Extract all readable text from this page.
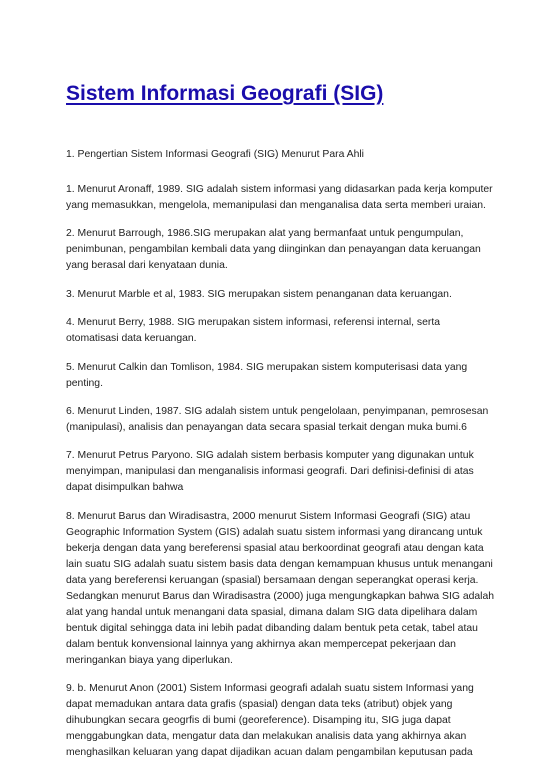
Sistem Informasi Geografi (SIG)

1. Pengertian Sistem Informasi Geografi (SIG) Menurut Para Ahli

1. Menurut Aronaff, 1989. SIG adalah sistem informasi yang didasarkan pada kerja komputer
yang memasukkan, mengelola, memanipulasi dan menganalisa data serta memberi uraian.
2. Menurut Barrough, 1986.SIG merupakan alat yang bermanfaat untuk pengumpulan,
penimbunan, pengambilan kembali data yang diinginkan dan penayangan data keruangan
yang berasal dari kenyataan dunia.
3. Menurut Marble et al, 1983. SIG merupakan sistem penanganan data keruangan.
4. Menurut Berry, 1988. SIG merupakan sistem informasi, referensi internal, serta
otomatisasi data keruangan.
5. Menurut Calkin dan Tomlison, 1984. SIG merupakan sistem komputerisasi data yang
penting.
6. Menurut Linden, 1987. SIG adalah sistem untuk pengelolaan, penyimpanan, pemrosesan
(manipulasi), analisis dan penayangan data secara spasial terkait dengan muka bumi.6
7. Menurut Petrus Paryono. SIG adalah sistem berbasis komputer yang digunakan untuk
menyimpan, manipulasi dan menganalisis informasi geografi. Dari definisi-definisi di atas
dapat disimpulkan bahwa
8. Menurut Barus dan Wiradisastra, 2000 menurut Sistem Informasi Geografi (SIG) atau
Geographic Information System (GIS) adalah suatu sistem informasi yang dirancang untuk
bekerja dengan data yang bereferensi spasial atau berkoordinat geografi atau dengan kata
lain suatu SIG adalah suatu sistem basis data dengan kemampuan khusus untuk menangani
data yang bereferensi keruangan (spasial) bersamaan dengan seperangkat operasi kerja.
Sedangkan menurut Barus dan Wiradisastra (2000) juga mengungkapkan bahwa SIG adalah
alat yang handal untuk menangani data spasial, dimana dalam SIG data dipelihara dalam
bentuk digital sehingga data ini lebih padat dibanding dalam bentuk peta cetak, tabel atau
dalam bentuk konvensional lainnya yang akhirnya akan mempercepat pekerjaan dan
meringankan biaya yang diperlukan.
9. b. Menurut Anon (2001) Sistem Informasi geografi adalah suatu sistem Informasi yang
dapat memadukan antara data grafis (spasial) dengan data teks (atribut) objek yang
dihubungkan secara geogrfis di bumi (georeference). Disamping itu, SIG juga dapat
menggabungkan data, mengatur data dan melakukan analisis data yang akhirnya akan
menghasilkan keluaran yang dapat dijadikan acuan dalam pengambilan keputusan pada
